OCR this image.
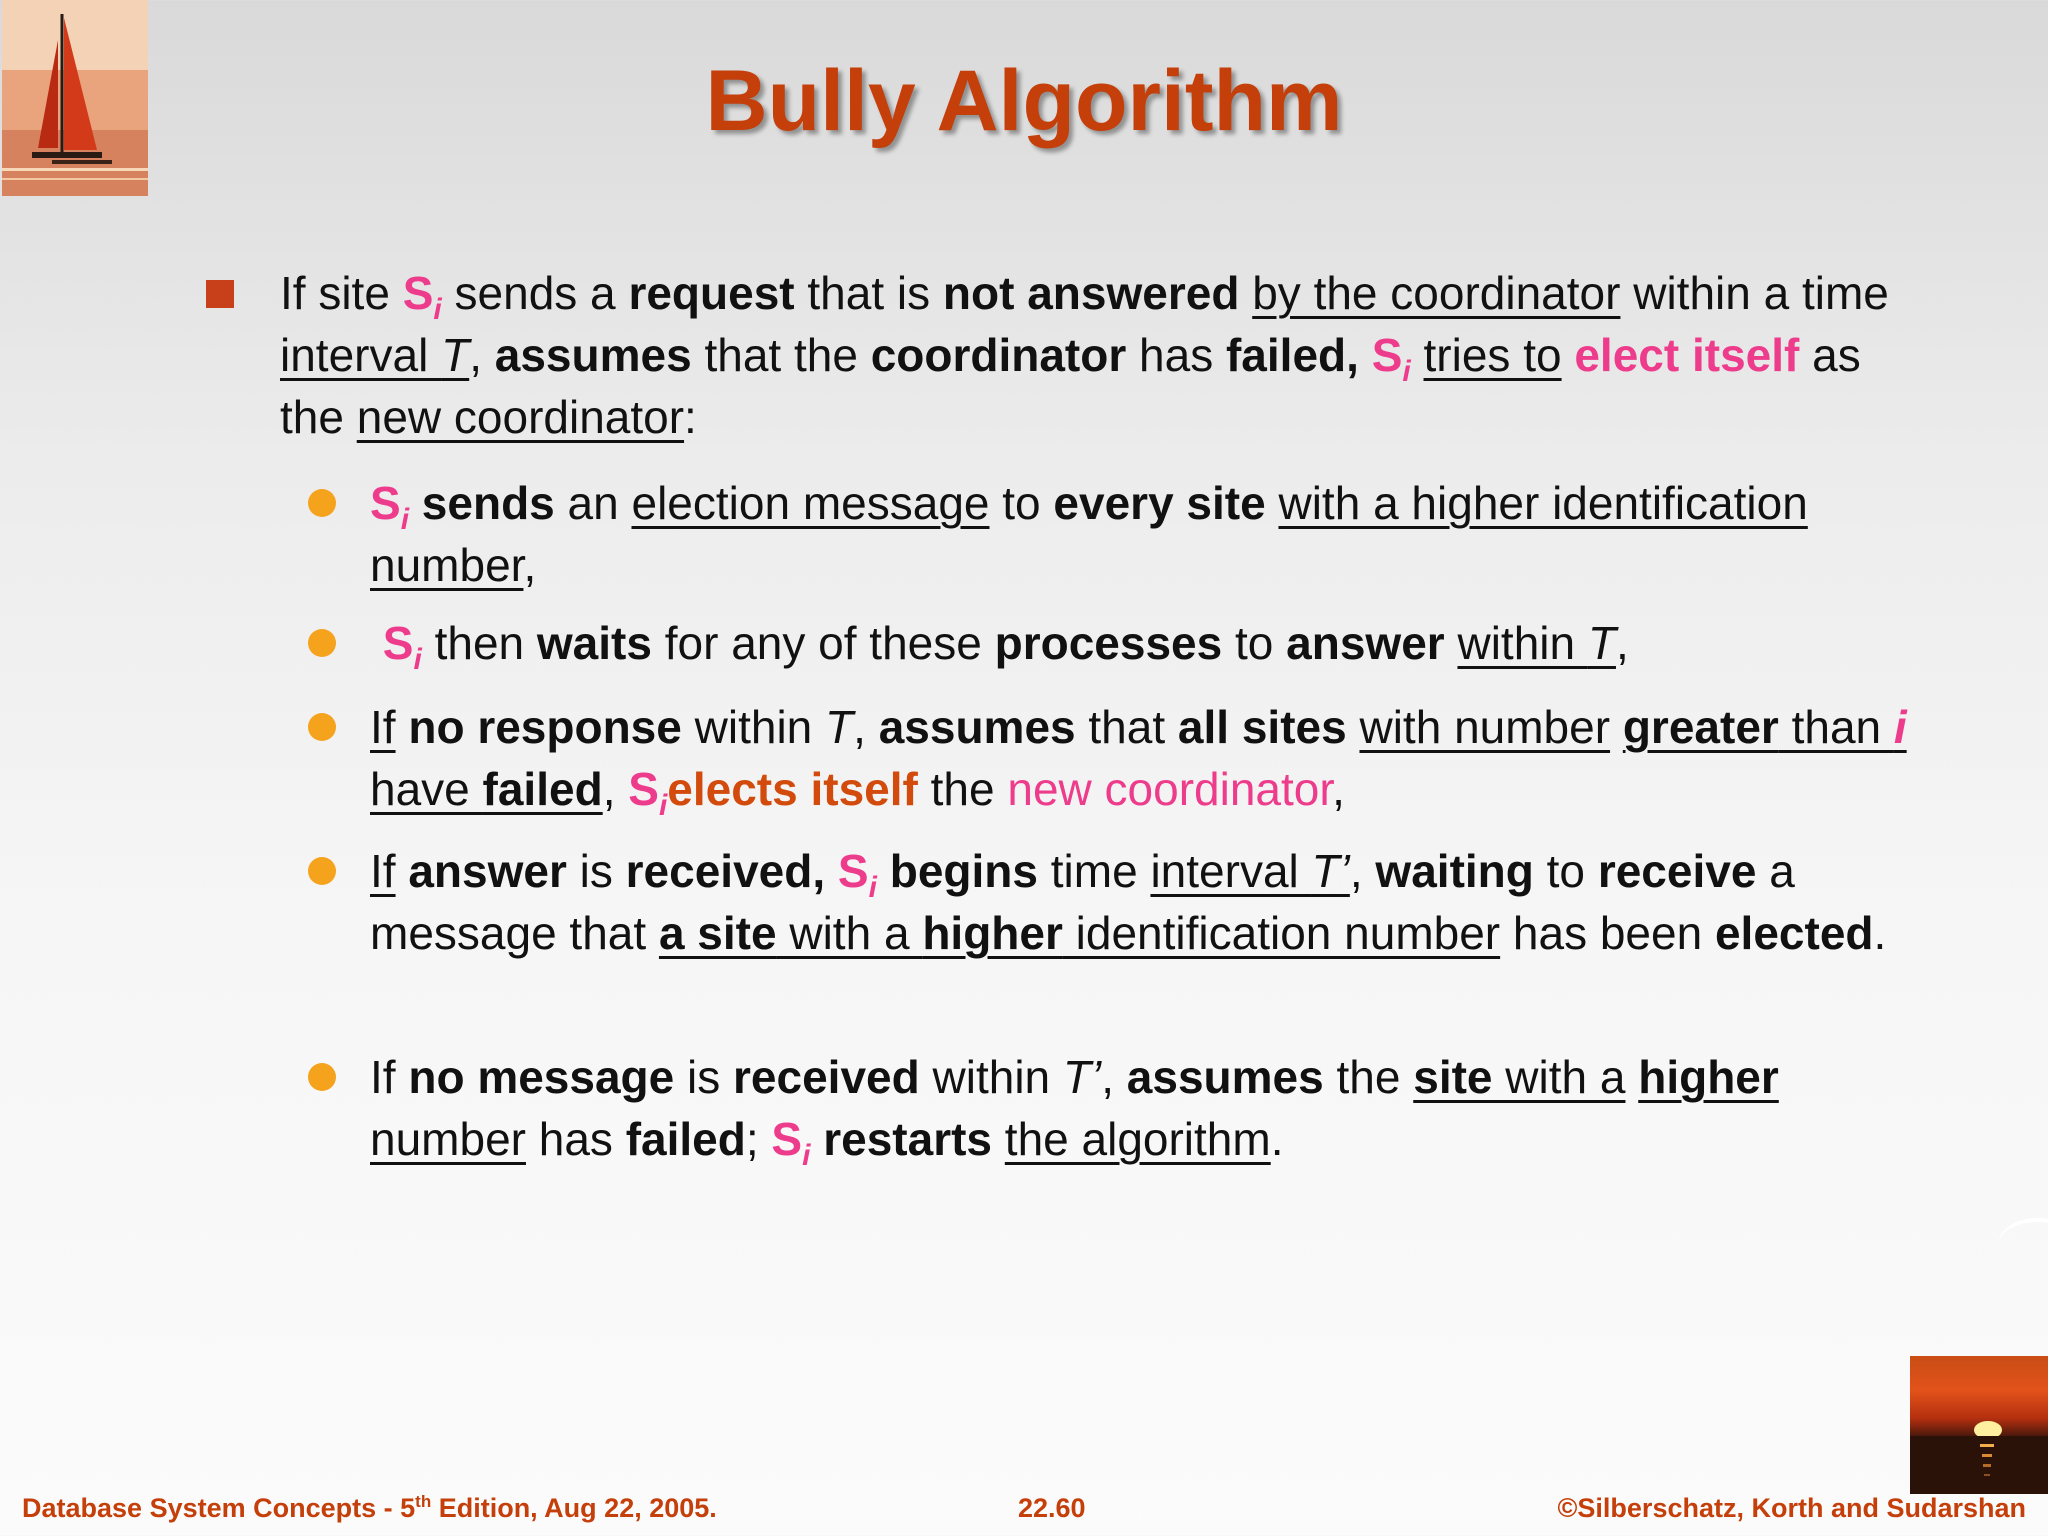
Bully Algorithm
If site $S_i$ sends a request that is not answered by the coordinator within a time interval T, assumes that the coordinator has failed, $S_i$ tries to elect itself as the new coordinator:
$S_i$ sends an election message to every site with a higher identification number,
$S_i$ then waits for any of these processes to answer within T,
If no response within T, assumes that all sites with number greater than i have failed, $S_ielects$ itself the new coordinator,
If answer is received, $S_i$ begins time interval T’, waiting to receive a message that a site with a higher identification number has been elected.
If no message is received within T’, assumes the site with a higher number has failed; $S_i$ restarts the algorithm.
Database System Concepts - 5th Edition, Aug 22, 2005.	22.60	©Silberschatz, Korth and Sudarshan
